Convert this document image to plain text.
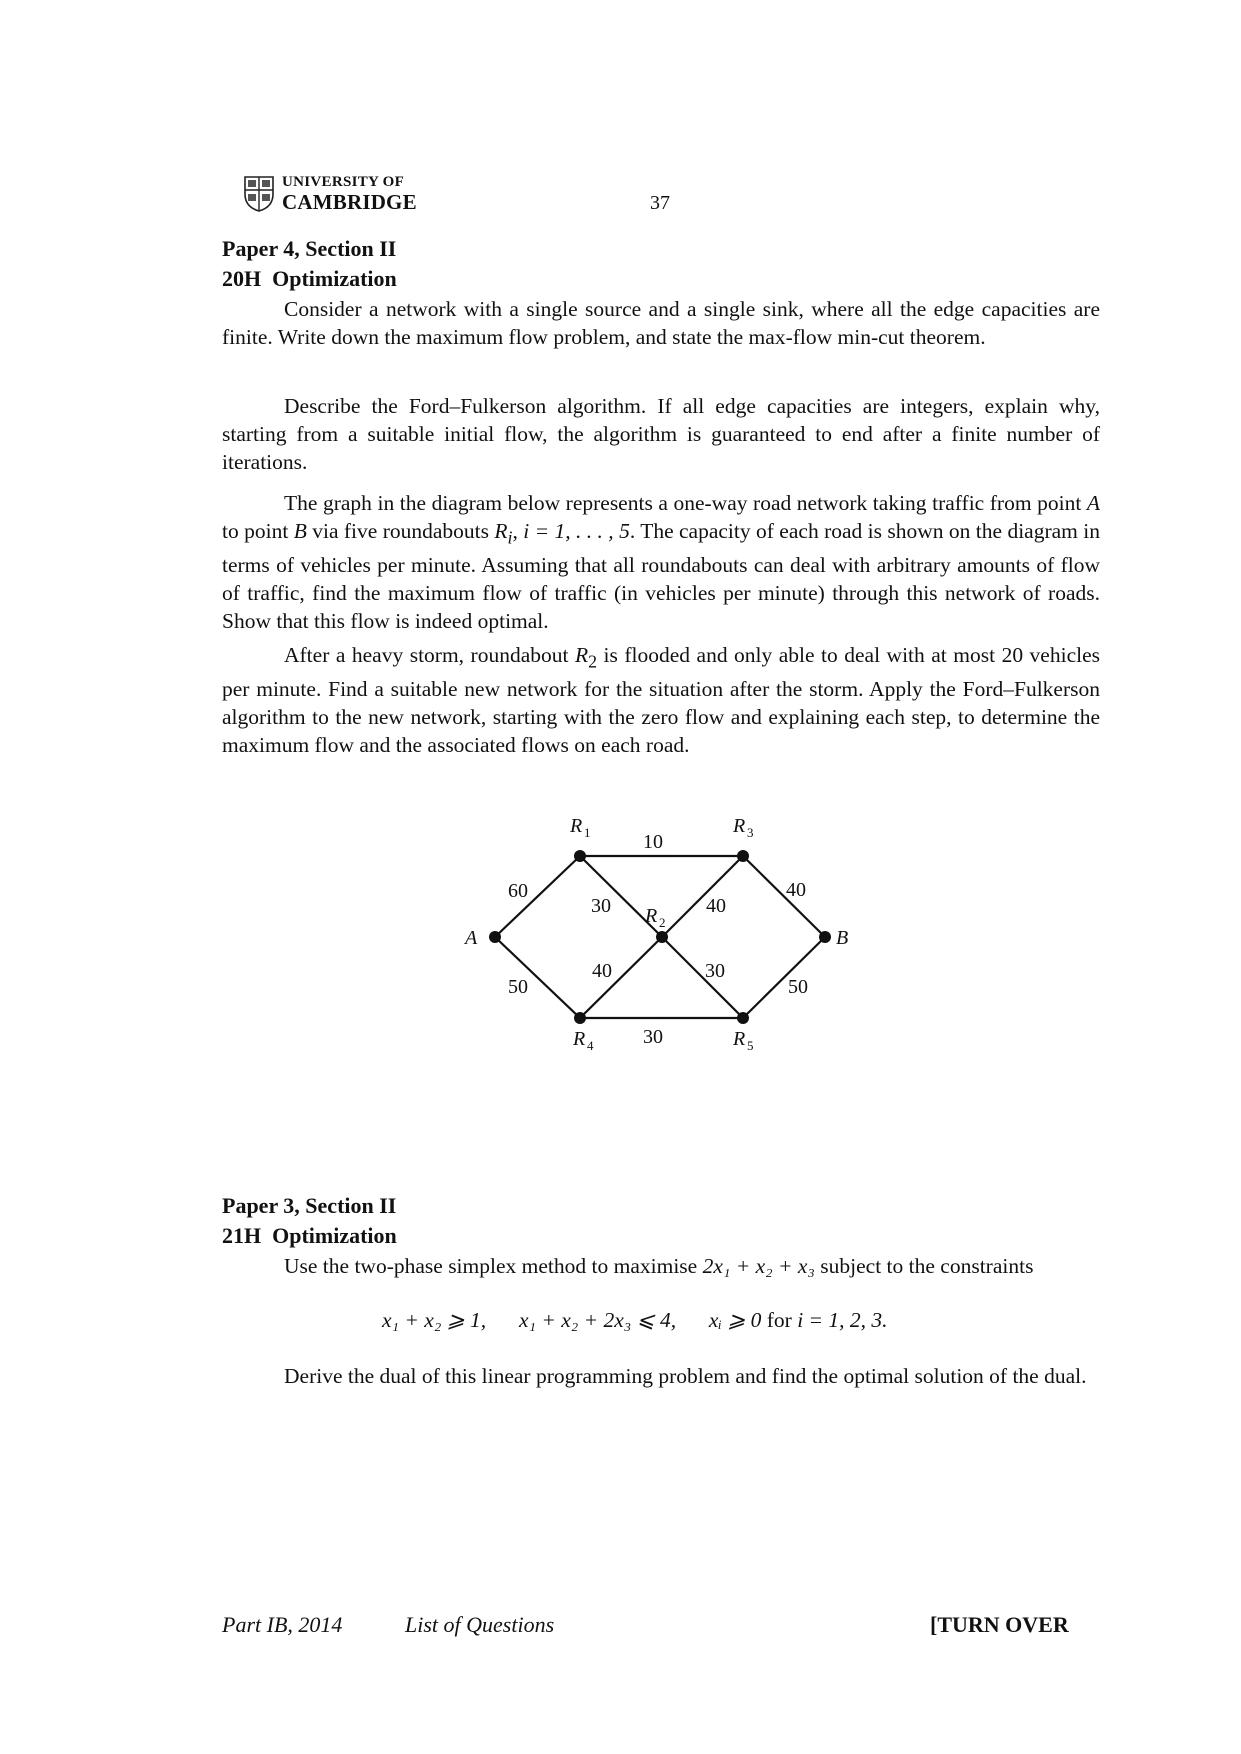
UNIVERSITY OF
CAMBRIDGE	37
Paper 4, Section II
20H  Optimization

Consider a network with a single source and a single sink, where all the edge capacities are finite. Write down the maximum flow problem, and state the max-flow min-cut theorem.

Describe the Ford–Fulkerson algorithm. If all edge capacities are integers, explain why, starting from a suitable initial flow, the algorithm is guaranteed to end after a finite number of iterations.

The graph in the diagram below represents a one-way road network taking traffic from point A to point B via five roundabouts $R_i$, i = 1, . . . , 5. The capacity of each road is shown on the diagram in terms of vehicles per minute. Assuming that all roundabouts can deal with arbitrary amounts of flow of traffic, find the maximum flow of traffic (in vehicles per minute) through this network of roads. Show that this flow is indeed optimal.

After a heavy storm, roundabout $R_2$ is flooded and only able to deal with at most 20 vehicles per minute. Find a suitable new network for the situation after the storm. Apply the Ford–Fulkerson algorithm to the new network, starting with the zero flow and explaining each step, to determine the maximum flow and the associated flows on each road.

A	B
R 1	R 3
R 2
R 4	R 5
60
50
10
30	40
40	30
30
40
50
Paper 3, Section II
21H  Optimization

Use the two-phase simplex method to maximise 2x₁ + x₂ + x₃ subject to the constraints

x₁ + x₂ ⩾ 1, x₁ + x₂ + 2x₃ ⩽ 4, xᵢ ⩾ 0 for i = 1, 2, 3.

Derive the dual of this linear programming problem and find the optimal solution of the dual.

Part IB, 2014	List of Questions	[TURN OVER
